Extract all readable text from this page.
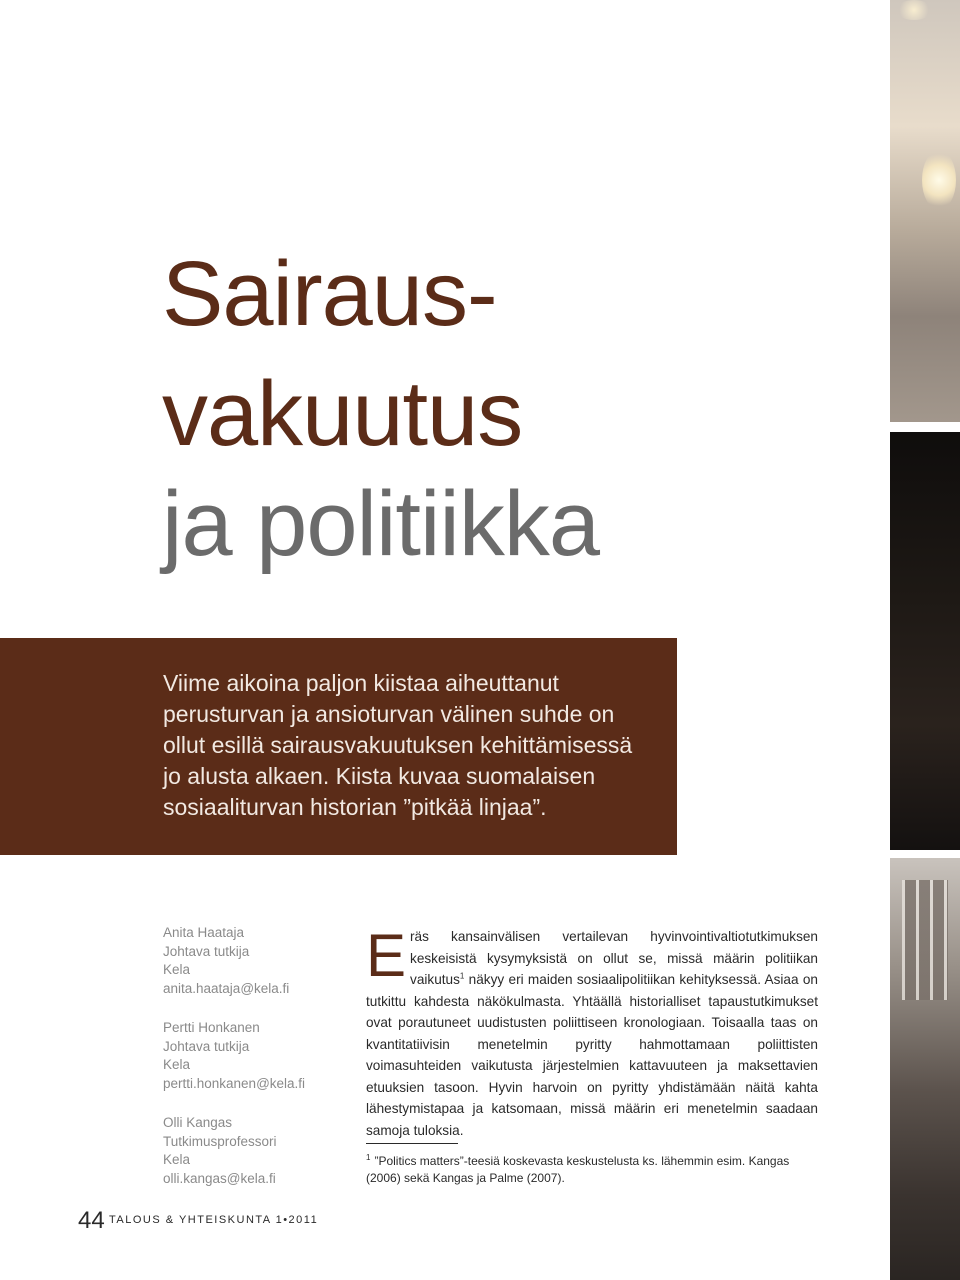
Sairaus-
vakuutus
ja politiikka

Viime aikoina paljon kiistaa aiheuttanut perusturvan ja ansioturvan välinen suhde on ollut esillä sairausvakuutuksen kehittämisessä jo alusta alkaen. Kiista kuvaa suomalaisen sosiaaliturvan historian ”pitkää linjaa”.

Anita Haataja
Johtava tutkija
Kela
anita.haataja@kela.fi
Pertti Honkanen
Johtava tutkija
Kela
pertti.honkanen@kela.fi
Olli Kangas
Tutkimusprofessori
Kela
olli.kangas@kela.fi

Eräs kansainvälisen vertailevan hyvinvointivaltiotutkimuksen keskeisistä kysymyksistä on ollut se, missä määrin politiikan vaikutus$^1$ näkyy eri maiden sosiaalipolitiikan kehityksessä. Asiaa on tutkittu kahdesta näkökulmasta. Yhtäällä historialliset tapaustutkimukset ovat porautuneet uudistusten poliittiseen kronologiaan. Toisaalla taas on kvantitatiivisin menetelmin pyritty hahmottamaan poliittisten voimasuhteiden vaikutusta järjestelmien kattavuuteen ja maksettavien etuuksien tasoon. Hyvin harvoin on pyritty yhdistämään näitä kahta lähestymistapaa ja katsomaan, missä määrin eri menetelmin saadaan samoja tuloksia.

$^1$ ”Politics matters”-teesiä koskevasta keskustelusta ks. lähemmin esim. Kangas (2006) sekä Kangas ja Palme (2007).

44 TALOUS & YHTEISKUNTA 1•2011
